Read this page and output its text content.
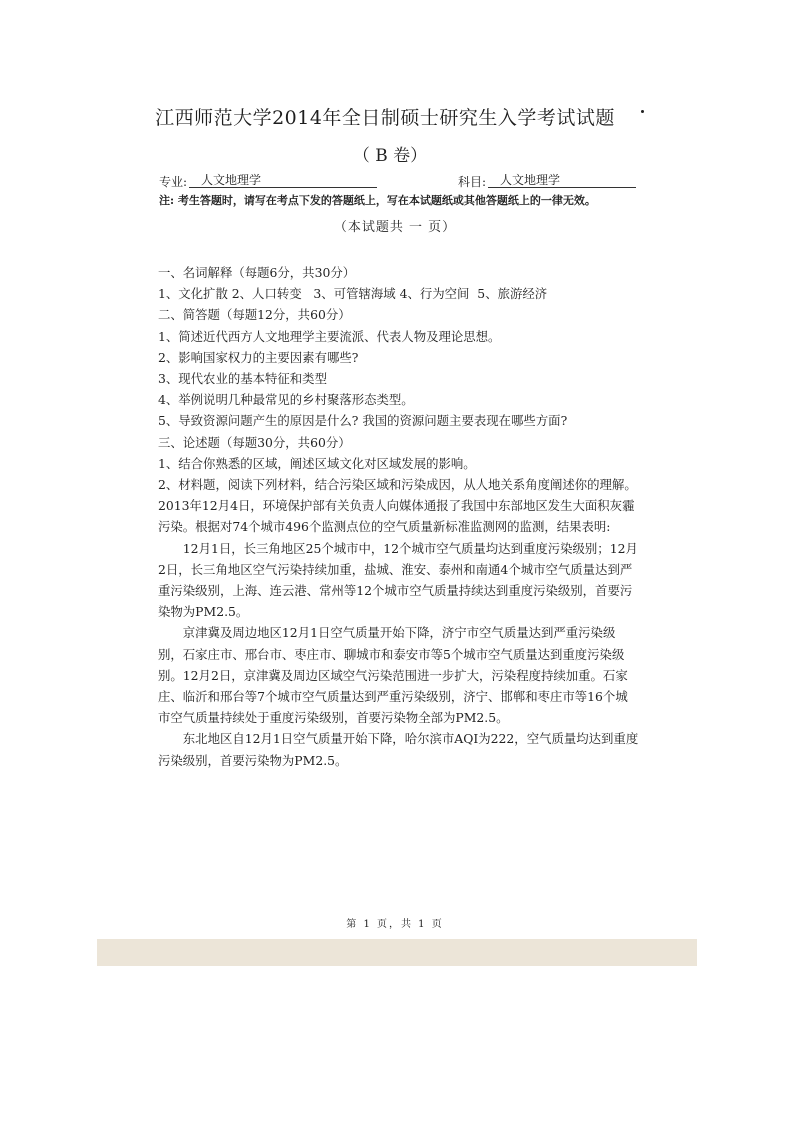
江西师范大学2014年全日制硕士研究生入学考试试题
（ B 卷）
专业:	人文地理学	科目:	人文地理学
注: 考生答题时，请写在考点下发的答题纸上，写在本试题纸或其他答题纸上的一律无效。
（本试题共 一 页）

一、名词解释（每题6分，共30分）

1、文化扩散 2、人口转变   3、可管辖海域 4、行为空间  5、旅游经济

二、简答题（每题12分，共60分）

1、简述近代西方人文地理学主要流派、代表人物及理论思想。

2、影响国家权力的主要因素有哪些?

3、现代农业的基本特征和类型

4、举例说明几种最常见的乡村聚落形态类型。

5、导致资源问题产生的原因是什么? 我国的资源问题主要表现在哪些方面?

三、论述题（每题30分，共60分）

1、结合你熟悉的区域，阐述区域文化对区域发展的影响。

2、材料题，阅读下列材料，结合污染区域和污染成因，从人地关系角度阐述你的理解。

2013年12月4日，环境保护部有关负责人向媒体通报了我国中东部地区发生大面积灰霾污染。根据对74个城市496个监测点位的空气质量新标准监测网的监测，结果表明:

12月1日，长三角地区25个城市中，12个城市空气质量均达到重度污染级别；12月2日，长三角地区空气污染持续加重，盐城、淮安、泰州和南通4个城市空气质量达到严重污染级别，上海、连云港、常州等12个城市空气质量持续达到重度污染级别，首要污染物为PM2.5。

京津冀及周边地区12月1日空气质量开始下降，济宁市空气质量达到严重污染级别，石家庄市、邢台市、枣庄市、聊城市和泰安市等5个城市空气质量达到重度污染级别。12月2日，京津冀及周边区域空气污染范围进一步扩大，污染程度持续加重。石家庄、临沂和邢台等7个城市空气质量达到严重污染级别，济宁、邯郸和枣庄市等16个城市空气质量持续处于重度污染级别，首要污染物全部为PM2.5。

东北地区自12月1日空气质量开始下降，哈尔滨市AQI为222，空气质量均达到重度污染级别，首要污染物为PM2.5。

第 1 页，共 1 页
